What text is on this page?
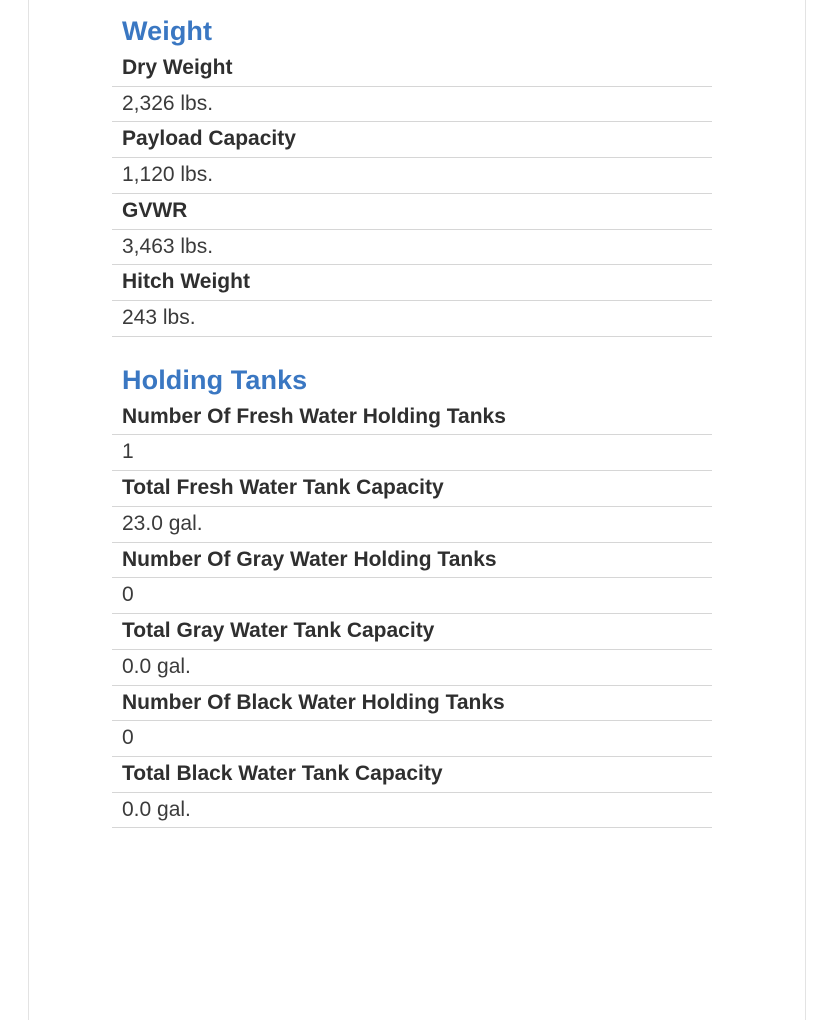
Weight
Dry Weight
2,326 lbs.
Payload Capacity
1,120 lbs.
GVWR
3,463 lbs.
Hitch Weight
243 lbs.
Holding Tanks
Number Of Fresh Water Holding Tanks
1
Total Fresh Water Tank Capacity
23.0 gal.
Number Of Gray Water Holding Tanks
0
Total Gray Water Tank Capacity
0.0 gal.
Number Of Black Water Holding Tanks
0
Total Black Water Tank Capacity
0.0 gal.
